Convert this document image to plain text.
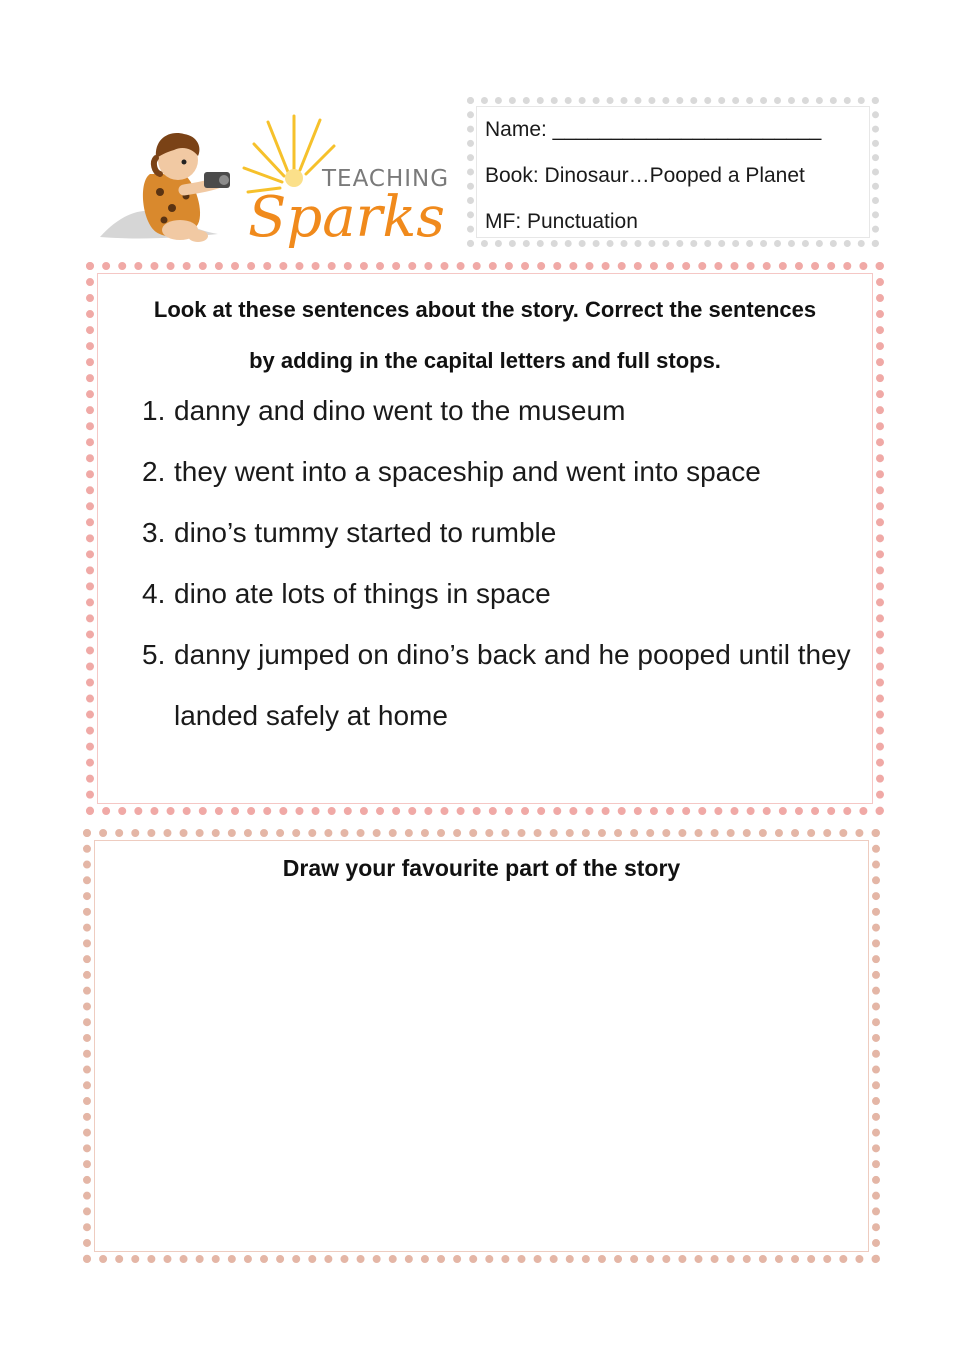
TEACHING
Sparks
Name: _______________________
Book: Dinosaur…Pooped a Planet
MF: Punctuation
Look at these sentences about the story. Correct the sentences
by adding in the capital letters and full stops.
1. danny and dino went to the museum
2. they went into a spaceship and went into space
3. dino’s tummy started to rumble
4. dino ate lots of things in space
5. danny jumped on dino’s back and he pooped until they landed safely at home
Draw your favourite part of the story
